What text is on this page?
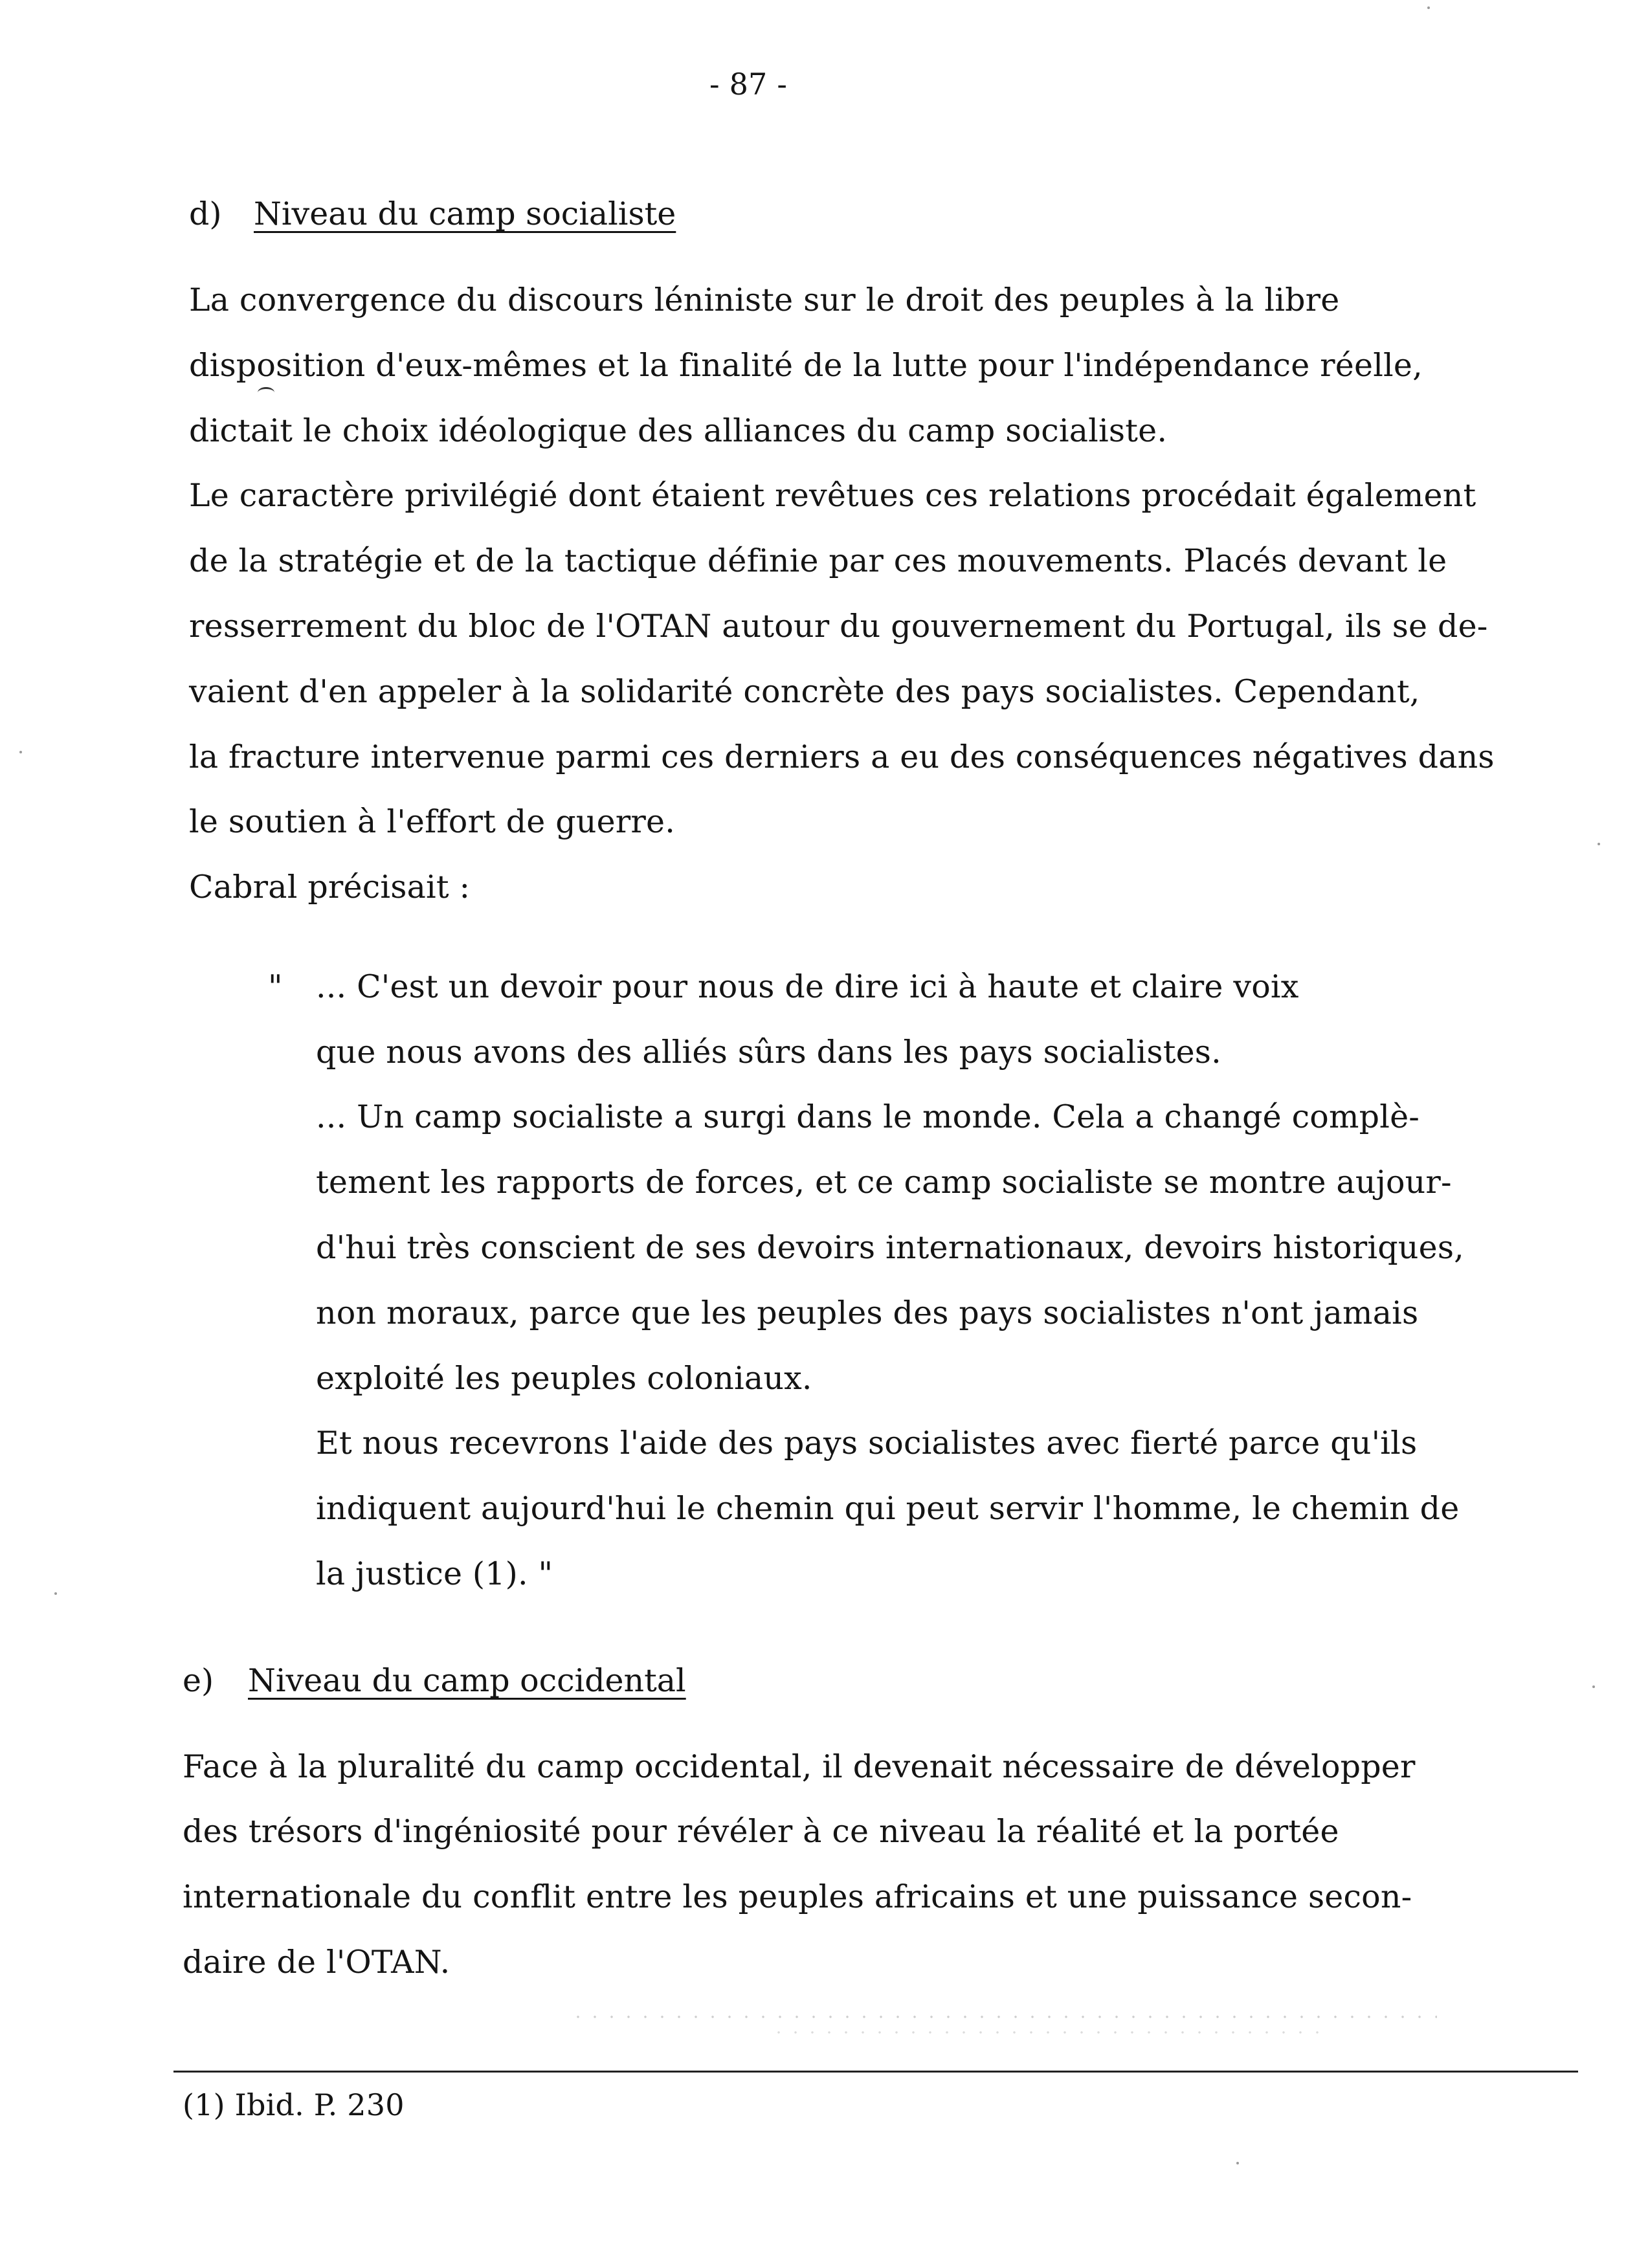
- 87 -
d) Niveau du camp socialiste
La convergence du discours léniniste sur le droit des peuples à la libre
disposition d'eux-mêmes et la finalité de la lutte pour l'indépendance réelle,
dictait le choix idéologique des alliances du camp socialiste.
Le caractère privilégié dont étaient revêtues ces relations procédait également
de la stratégie et de la tactique définie par ces mouvements. Placés devant le
resserrement du bloc de l'OTAN autour du gouvernement du Portugal, ils se de-
vaient d'en appeler à la solidarité concrète des pays socialistes. Cependant,
la fracture intervenue parmi ces derniers a eu des conséquences négatives dans
le soutien à l'effort de guerre.
Cabral précisait :
" ... C'est un devoir pour nous de dire ici à haute et claire voix
que nous avons des alliés sûrs dans les pays socialistes.
... Un camp socialiste a surgi dans le monde. Cela a changé complè-
tement les rapports de forces, et ce camp socialiste se montre aujour-
d'hui très conscient de ses devoirs internationaux, devoirs historiques,
non moraux, parce que les peuples des pays socialistes n'ont jamais
exploité les peuples coloniaux.
Et nous recevrons l'aide des pays socialistes avec fierté parce qu'ils
indiquent aujourd'hui le chemin qui peut servir l'homme, le chemin de
la justice (1). "
e) Niveau du camp occidental
Face à la pluralité du camp occidental, il devenait nécessaire de développer
des trésors d'ingéniosité pour révéler à ce niveau la réalité et la portée
internationale du conflit entre les peuples africains et une puissance secon-
daire de l'OTAN.
(1) Ibid. P. 230
